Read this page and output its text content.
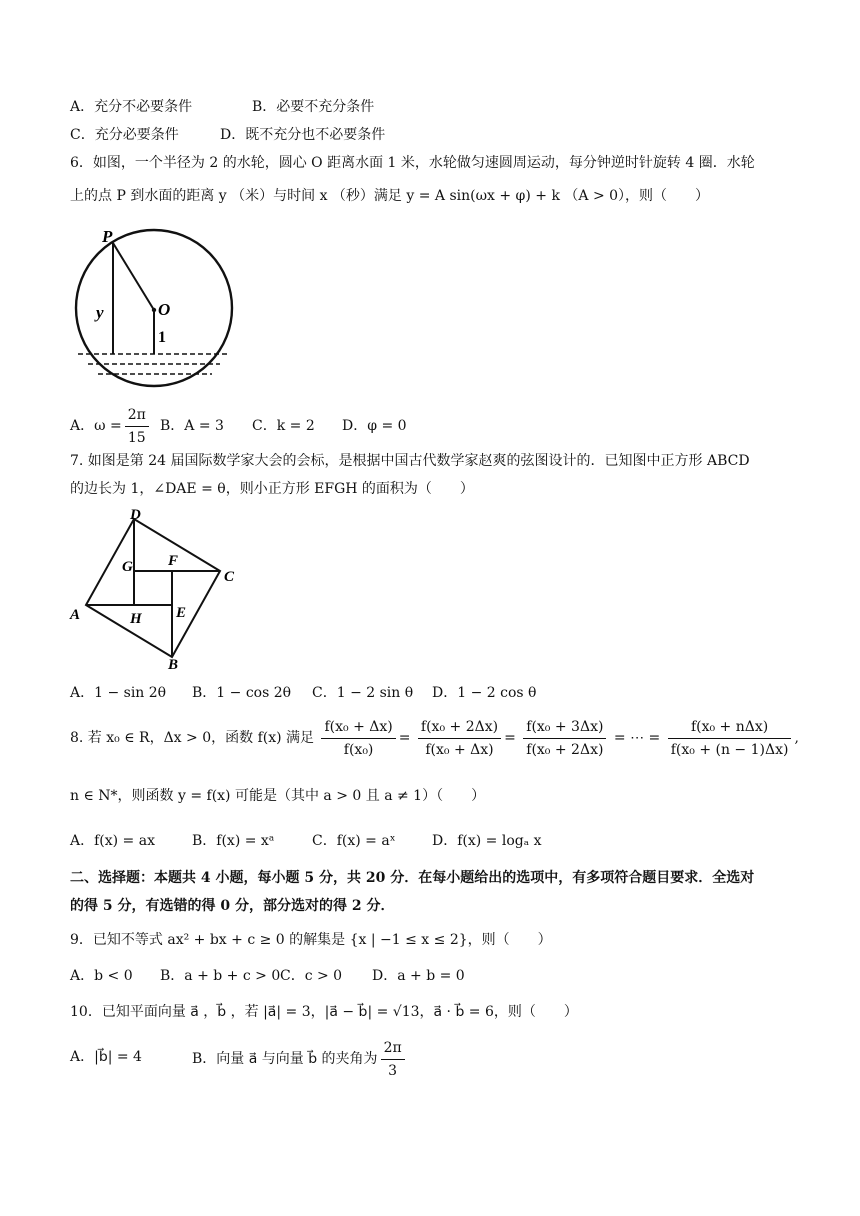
A．充分不必要条件	B．必要不充分条件
C．充分必要条件	D．既不充分也不必要条件
6．如图，一个半径为 2 的水轮，圆心 O 距离水面 1 米，水轮做匀速圆周运动，每分钟逆时针旋转 4 圈．水轮
上的点 P 到水面的距离 y （米）与时间 x （秒）满足 y = A sin(ωx + φ) + k （A > 0），则（　　）
P
O
y
1
A．$\omega = \frac{2\pi}{15}$ B．A = 3 C．k = 2 D．φ = 0
7. 如图是第 24 届国际数学家大会的会标，是根据中国古代数学家赵爽的弦图设计的．已知图中正方形 ABCD
的边长为 1，∠DAE = θ，则小正方形 EFGH 的面积为（　　）
A
B
C
D
E
F
G
H
A．1 − sin 2θ B．1 − cos 2θ C．1 − 2 sin θ D．1 − 2 cos θ
8. 若 x₀ ∈ R，Δx > 0，函数 f(x) 满足 $\frac{\text{f(x₀ + Δx)}}{\text{f(x₀)}} = \frac{\text{f(x₀ + 2Δx)}}{\text{f(x₀ + Δx)}} = \frac{\text{f(x₀ + 3Δx)}}{\text{f(x₀ + 2Δx)}}$ = ⋯ = $\frac{\text{f(x₀ + nΔx)}}{\text{f(x₀ + (n − 1)Δx)}}$ ,
n ∈ N*，则函数 y = f(x) 可能是（其中 a > 0 且 a ≠ 1）（　　）
A．f(x) = ax	B．f(x) = xᵃ	C．f(x) = aˣ	D．f(x) = logₐ x
二、选择题：本题共 4 小题，每小题 5 分，共 20 分．在每小题给出的选项中，有多项符合题目要求．全选对
的得 5 分，有选错的得 0 分，部分选对的得 2 分．
9．已知不等式 ax² + bx + c ≥ 0 的解集是 {x | −1 ≤ x ≤ 2}，则（　　）
A．b < 0 B．a + b + c > 0 C．c > 0 D．a + b = 0
10．已知平面向量 a⃗ ，b⃗ ，若 |a⃗| = 3，|a⃗ − b⃗| = √13，a⃗ · b⃗ = 6，则（　　）
A．|b⃗| = 4	B．向量 a⃗ 与向量 b⃗ 的夹角为 $\frac{2\pi}{3}$
